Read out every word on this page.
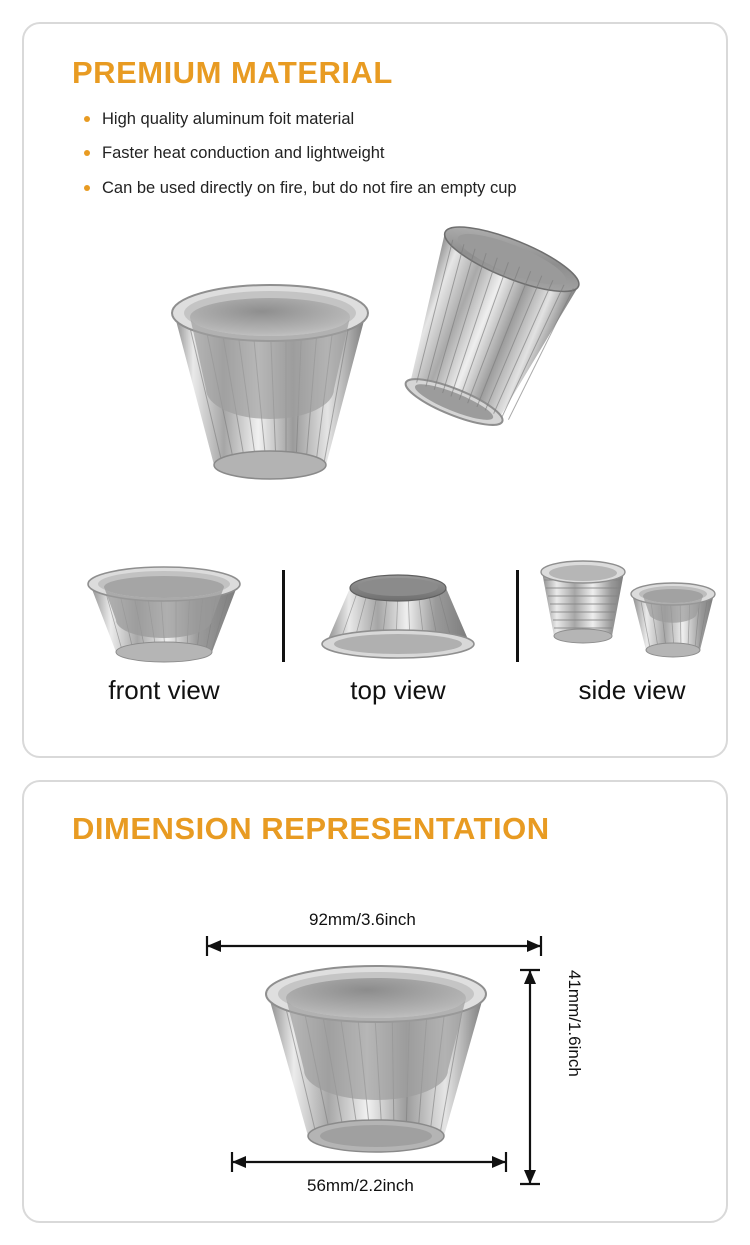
PREMIUM MATERIAL
High quality aluminum foit material
Faster heat conduction and lightweight
Can be used directly on fire, but do not fire an empty cup
front view	top view	side view
DIMENSION REPRESENTATION
92mm/3.6inch
41mm/1.6inch
56mm/2.2inch
